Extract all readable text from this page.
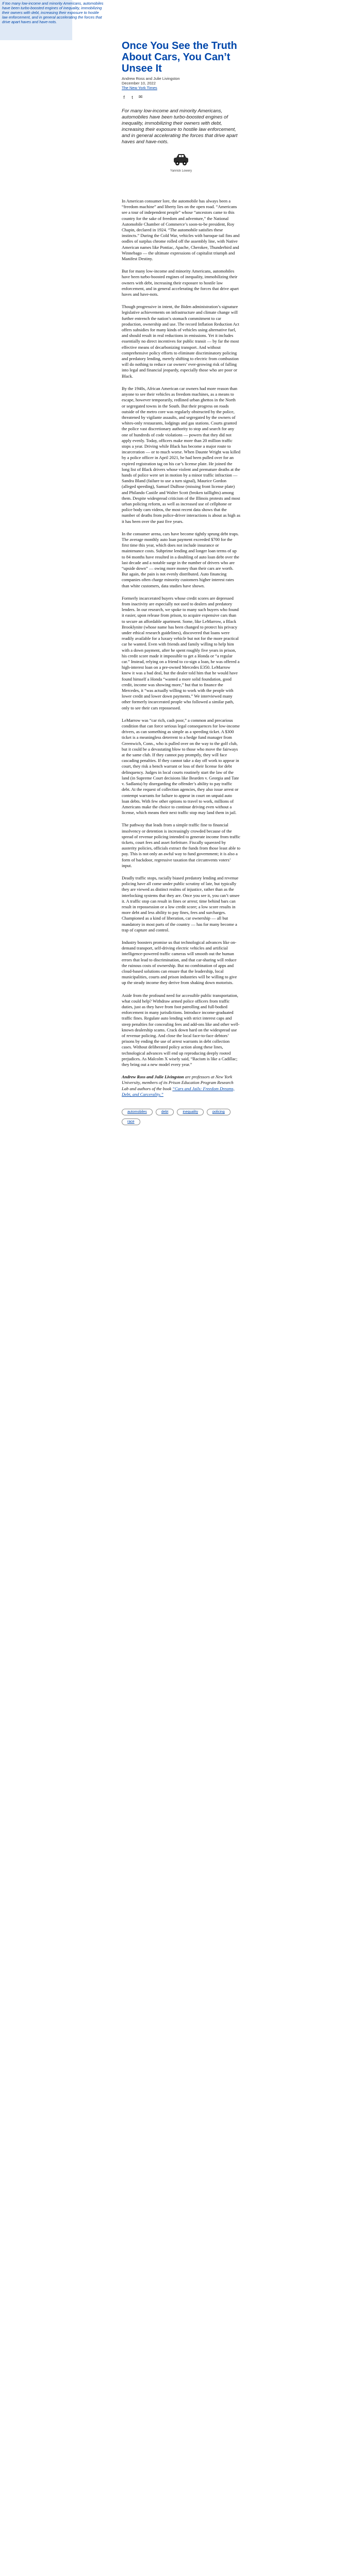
If too many low-income and minority Americans, automobiles have been turbo-boosted engines of inequality, immobilizing their owners with debt, increasing their exposure to hostile law enforcement, and in general accelerating the forces that drive apart haves and have-nots.
Once You See the Truth About Cars, You Can’t Unsee It
Andrew Ross and Julie Livingston
December 10, 2022
The New York Times
f	t	✉
For many low-income and minority Americans, automobiles have been turbo-boosted engines of inequality, immobilizing their owners with debt, increasing their exposure to hostile law enforcement, and in general accelerating the forces that drive apart haves and have-nots.
Yannick Lowery

In American consumer lore, the automobile has always been a “freedom machine” and liberty lies on the open road. “Americans see a tour of independent people” whose “ancestors came to this country for the sake of freedom and adventure,” the National Automobile Chamber of Commerce’s soon-to-be president, Roy Chapin, declared in 1924. “The automobile satisfies these instincts.” During the Cold War, vehicles with baroque tail fins and oodles of surplus chrome rolled off the assembly line, with Native American names like Pontiac, Apache, Cherokee, Thunderbird and Winnebago — the ultimate expressions of capitalist triumph and Manifest Destiny.

But for many low-income and minority Americans, automobiles have been turbo-boosted engines of inequality, immobilizing their owners with debt, increasing their exposure to hostile law enforcement, and in general accelerating the forces that drive apart haves and have-nots.

Though progressive in intent, the Biden administration’s signature legislative achievements on infrastructure and climate change will further entrench the nation’s stomach commitment to car production, ownership and use. The record Inflation Reduction Act offers subsidies for many kinds of vehicles using alternative fuel, and should result in real reductions in emissions. Yet it includes essentially no direct incentives for public transit — by far the most effective means of decarbonizing transport. And without comprehensive policy efforts to eliminate discriminatory policing and predatory lending, merely shifting to electric from combustion will do nothing to reduce car owners’ ever-growing risk of falling into legal and financial jeopardy, especially those who are poor or Black.

By the 1940s, African American car owners had more reason than anyone to see their vehicles as freedom machines, as a means to escape, however temporarily, redlined urban ghettos in the North or segregated towns in the South. But their progress on roads outside of the metro core was regularly obstructed by the police, threatened by vigilante assaults, and segregated by the owners of whites-only restaurants, lodgings and gas stations. Courts granted the police vast discretionary authority to stop and search for any one of hundreds of code violations — powers that they did not apply evenly. Today, officers make more than 20 million traffic stops a year. Driving while Black has become a major route to incarceration — or to much worse. When Daunte Wright was killed by a police officer in April 2021, he had been pulled over for an expired registration tag on his car’s license plate. He joined the long list of Black drivers whose violent and premature deaths at the hands of police were set in motion by a minor traffic infraction — Sandra Bland (failure to use a turn signal), Maurice Gordon (alleged speeding), Samuel DuBose (missing front license plate) and Philando Castile and Walter Scott (broken taillights) among them. Despite widespread criticism of the Illinois protests and most urban policing reform, as well as increased use of cellphone or police body cam videos, the most recent data shows that the number of deaths from police-driver interactions is about as high as it has been over the past five years.

In the consumer arena, cars have become tightly sprung debt traps. The average monthly auto loan payment exceeded $700 for the first time this year, which does not include insurance or maintenance costs. Subprime lending and longer loan terms of up to 84 months have resulted in a doubling of auto loan debt over the last decade and a notable surge in the number of drivers who are “upside down” — owing more money than their cars are worth. But again, the pain is not evenly distributed. Auto financing companies often charge minority customers higher interest rates than white customers, data studies have shown.

Formerly incarcerated buyers whose credit scores are depressed from inactivity are especially not used to dealers and predatory lenders. In our research, we spoke to many such buyers who found it easier, upon release from prison, to acquire expensive cars than to secure an affordable apartment. Some, like LeMarrow, a Black Brooklynite (whose name has been changed to protect his privacy under ethical research guidelines), discovered that loans were readily available for a luxury vehicle but not for the more practical car he wanted. Even with friends and family willing to help him with a down payment, after he spent roughly five years in prison, his credit score made it impossible to get a Honda or “a regular car.” Instead, relying on a friend to co-sign a loan, he was offered a high-interest loan on a pre-owned Mercedes E350. LeMarrow knew it was a bad deal, but the dealer told him that he would have found himself a Honda “wanted a more solid foundation, good credit, income was showing more,” but that to finance the Mercedes, it “was actually willing to work with the people with lower credit and lower down payments.” We interviewed many other formerly incarcerated people who followed a similar path, only to see their cars repossessed.

LeMarrow was “car rich, cash poor,” a common and precarious condition that can force serious legal consequences for low-income drivers, as can something as simple as a speeding ticket. A $300 ticket is a meaningless deterrent to a hedge fund manager from Greenwich, Conn., who is pulled over on the way to the golf club, but it could be a devastating blow to those who move the fairways at the same club. If they cannot pay promptly, they will face cascading penalties. If they cannot take a day off work to appear in court, they risk a bench warrant or loss of their license for debt delinquency. Judges in local courts routinely start the law of the land (in Supreme Court decisions like Bearden v. Georgia and Tate v. Sadlanta) by disregarding the offender’s ability to pay traffic debt. At the request of collection agencies, they also issue arrest or contempt warrants for failure to appear in court on unpaid auto loan debts. With few other options to travel to work, millions of Americans make the choice to continue driving even without a license, which means their next traffic stop may land them in jail.

The pathway that leads from a simple traffic fine to financial insolvency or detention is increasingly crowded because of the spread of revenue policing intended to generate income from traffic tickets, court fees and asset forfeiture. Fiscally squeezed by austerity policies, officials extract the funds from those least able to pay. This is not only an awful way to fund government; it is also a form of backdoor, regressive taxation that circumvents voters’ input.

Deadly traffic stops, racially biased predatory lending and revenue policing have all come under public scrutiny of late, but typically they are viewed as distinct realms of injustice, rather than as the interlocking systems that they are. Once you see it, you can’t unsee it. A traffic stop can result in fines or arrest; time behind bars can result in repossession or a low credit score; a low score results in more debt and less ability to pay fines, fees and surcharges. Championed as a kind of liberation, car ownership — all but mandatory in most parts of the country — has for many become a trap of capture and control.

Industry boosters promise us that technological advances like on-demand transport, self-driving electric vehicles and artificial intelligence-powered traffic cameras will smooth out the human errors that lead to discrimination, and that car-sharing will reduce the ruinous costs of ownership. But no combination of apps and cloud-based solutions can ensure that the leadership, local municipalities, courts and prison industries will be willing to give up the steady income they derive from shaking down motorists.

Aside from the profound need for accessible public transportation, what could help? Withdraw armed police officers from traffic duties, just as they have from foot patrolling and full-bodied enforcement in many jurisdictions. Introduce income-graduated traffic fines. Regulate auto lending with strict interest caps and steep penalties for concealing fees and add-ons like and other well-known dealership scams. Crack down hard on the widespread use of revenue policing. And close the local face-to-face debtors’ prisons by ending the use of arrest warrants in debt collection cases. Without deliberated policy action along these lines, technological advances will end up reproducing deeply rooted prejudices. As Malcolm X wisely said, “Racism is like a Cadillac; they bring out a new model every year.”

Andrew Ross and Julie Livingston are professors at New York University, members of its Prison Education Program Research Lab and authors of the book “Cars and Jails: Freedom Dreams, Debt, and Carcerality.”
automobiles	debt	inequality	policing
race
